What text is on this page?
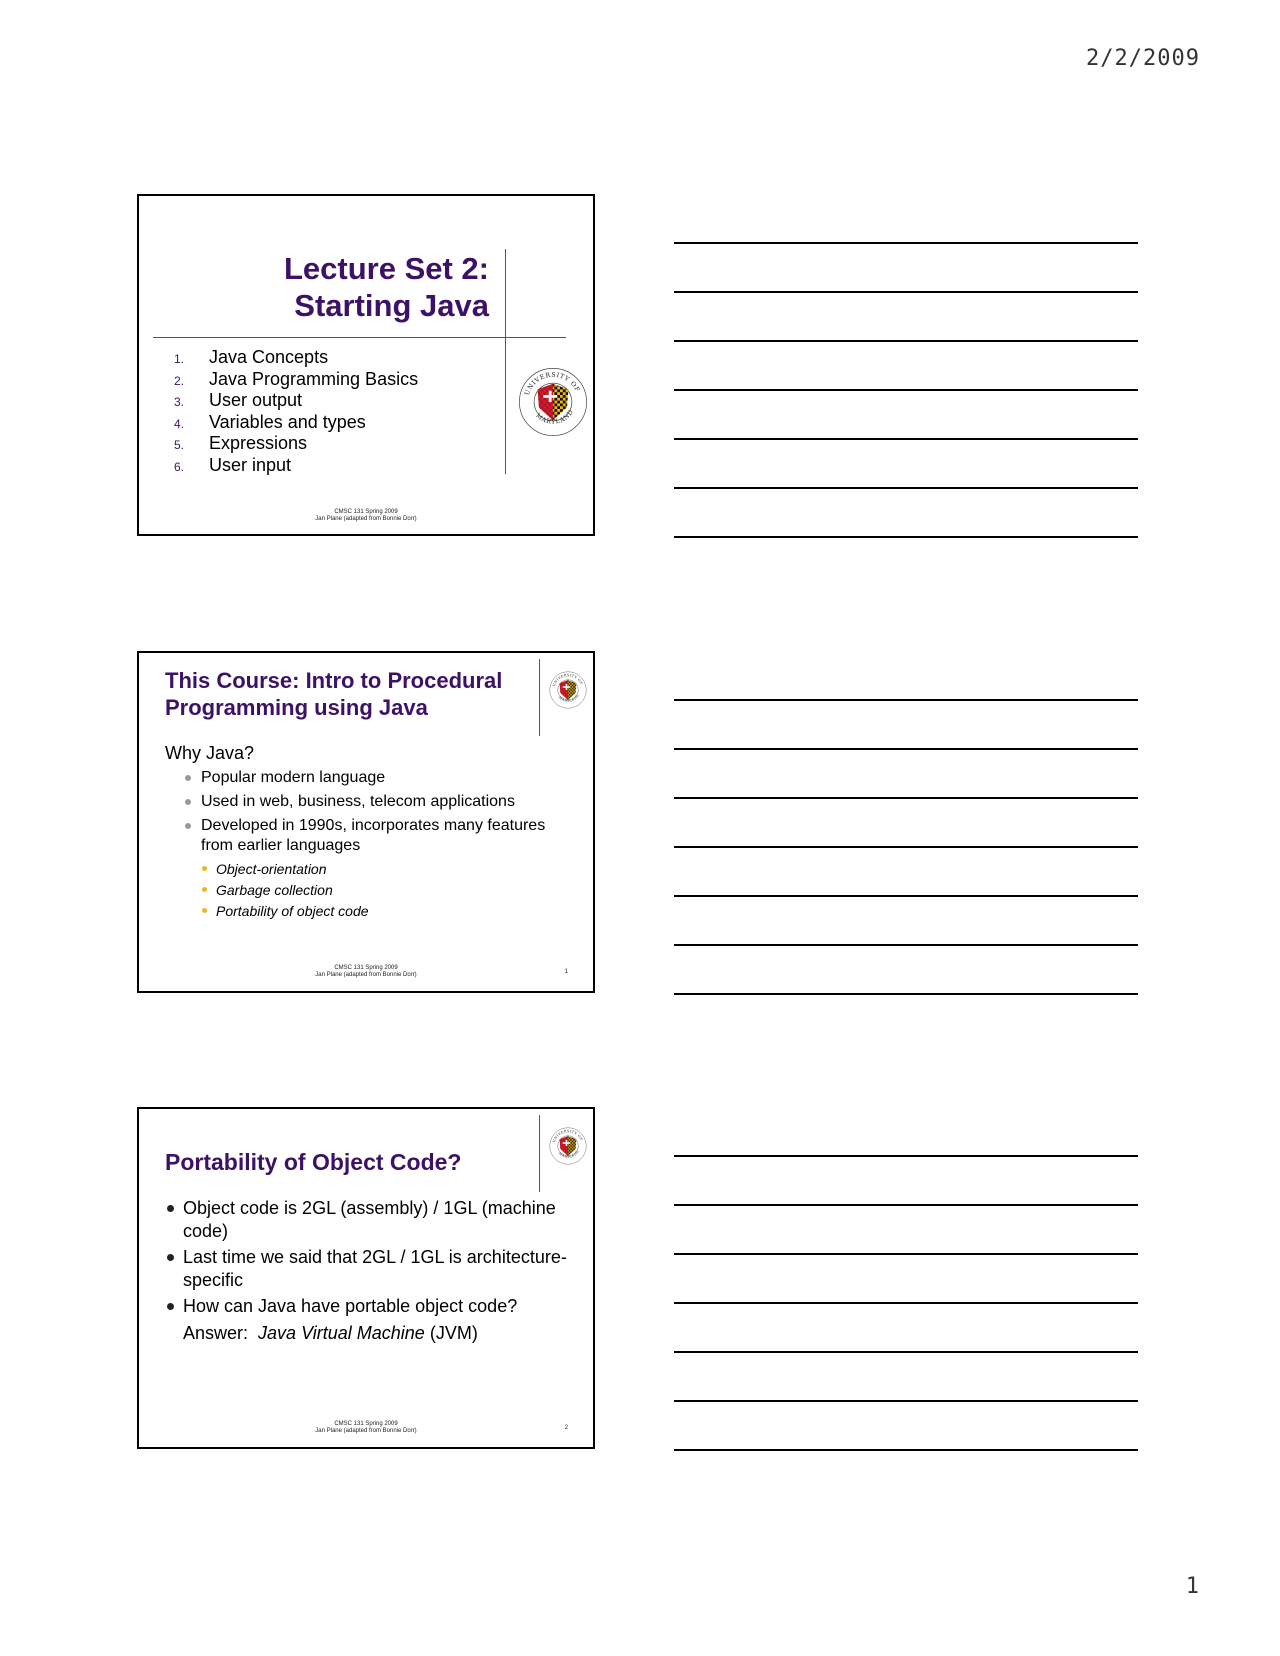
2/2/2009
Lecture Set 2:
Starting Java
1. Java Concepts
2. Java Programming Basics
3. User output
4. Variables and types
5. Expressions
6. User input
CMSC 131 Spring 2009
Jan Plane (adapted from Bonnie Dorr)
This Course: Intro to Procedural
Programming using Java
Why Java?
Popular modern language
Used in web, business, telecom applications
Developed in 1990s, incorporates many features from earlier languages
Object-orientation
Garbage collection
Portability of object code
CMSC 131 Spring 2009
Jan Plane (adapted from Bonnie Dorr)	1
Portability of Object Code?
Object code is 2GL (assembly) / 1GL (machine code)
Last time we said that 2GL / 1GL is architecture-specific
How can Java have portable object code?
Answer: Java Virtual Machine (JVM)
CMSC 131 Spring 2009
Jan Plane (adapted from Bonnie Dorr)	2
1
